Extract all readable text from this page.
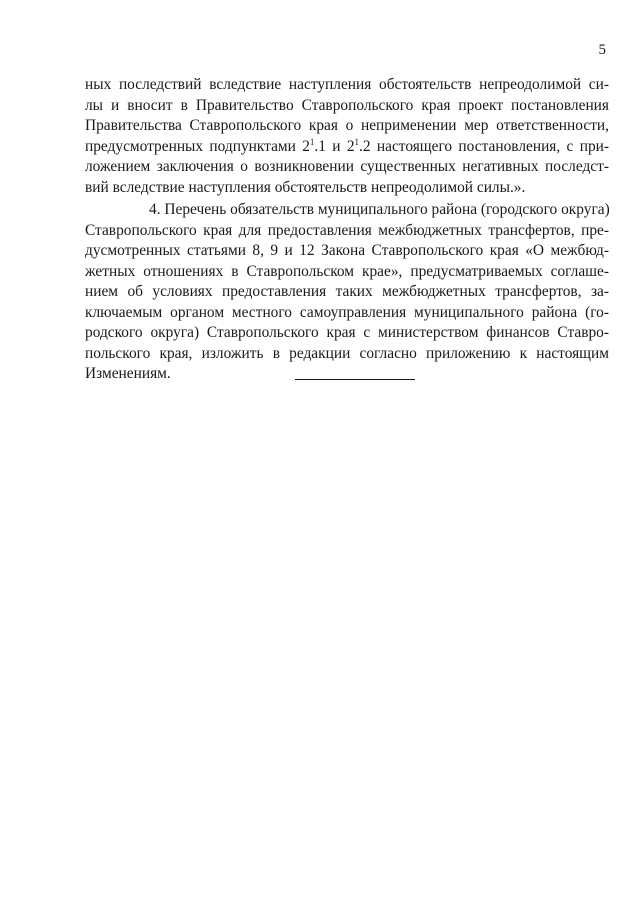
5
ных последствий вследствие наступления обстоятельств непреодолимой си-
лы и вносит в Правительство Ставропольского края проект постановления
Правительства Ставропольского края о неприменении мер ответственности,
предусмотренных подпунктами $2^1.1$ и $2^1.2$ настоящего постановления, с при-
ложением заключения о возникновении существенных негативных последст-
вий вследствие наступления обстоятельств непреодолимой силы.».
4. Перечень обязательств муниципального района (городского округа)
Ставропольского края для предоставления межбюджетных трансфертов, пре-
дусмотренных статьями 8, 9 и 12 Закона Ставропольского края «О межбюд-
жетных отношениях в Ставропольском крае», предусматриваемых соглаше-
нием об условиях предоставления таких межбюджетных трансфертов, за-
ключаемым органом местного самоуправления муниципального района (го-
родского округа) Ставропольского края с министерством финансов Ставро-
польского края, изложить в редакции согласно приложению к настоящим
Изменениям.
